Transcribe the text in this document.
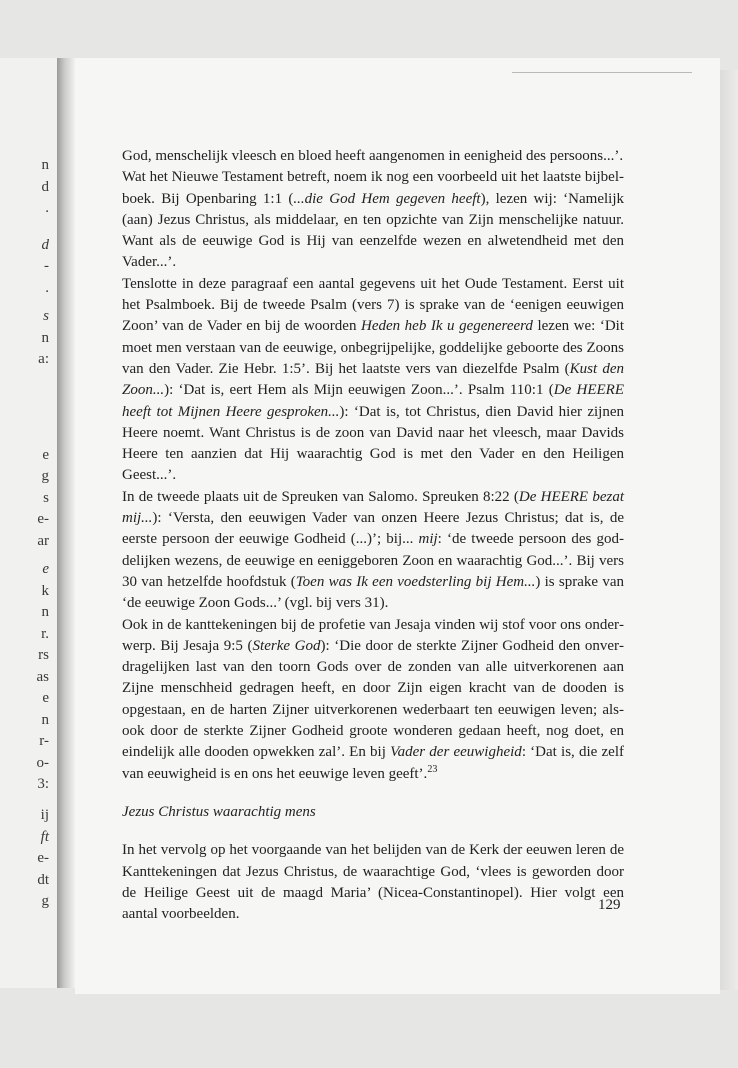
n
d
.
d
-
.
s
n
a:
e
g
s
e-
ar
e
k
n
r.
rs
as
e
n
r-
o-
3:
ij
ft
e-
dt
g

God, menschelijk vleesch en bloed heeft aangenomen in eenigheid des persoons...’.

Wat het Nieuwe Testament betreft, noem ik nog een voorbeeld uit het laatste bijbelboek. Bij Openbaring 1:1 (...die God Hem gegeven heeft), lezen wij: ‘Namelijk (aan) Jezus Christus, als middelaar, en ten opzichte van Zijn menschelijke natuur. Want als de eeuwige God is Hij van eenzelfde wezen en alwetendheid met den Vader...’.

Tenslotte in deze paragraaf een aantal gegevens uit het Oude Testament. Eerst uit het Psalmboek. Bij de tweede Psalm (vers 7) is sprake van de ‘eenigen eeuwigen Zoon’ van de Vader en bij de woorden Heden heb Ik u gegenereerd lezen we: ‘Dit moet men verstaan van de eeuwige, onbegrijpelijke, goddelijke geboorte des Zoons van den Vader. Zie Hebr. 1:5’. Bij het laatste vers van diezelfde Psalm (Kust den Zoon...): ‘Dat is, eert Hem als Mijn eeuwigen Zoon...’. Psalm 110:1 (De HEERE heeft tot Mijnen Heere gesproken...): ‘Dat is, tot Christus, dien David hier zijnen Heere noemt. Want Christus is de zoon van David naar het vleesch, maar Davids Heere ten aanzien dat Hij waarachtig God is met den Vader en den Heiligen Geest...’.

In de tweede plaats uit de Spreuken van Salomo. Spreuken 8:22 (De HEERE bezat mij...): ‘Versta, den eeuwigen Vader van onzen Heere Jezus Christus; dat is, de eerste persoon der eeuwige Godheid (...)’; bij... mij: ‘de tweede persoon des goddelijken wezens, de eeuwige en eeniggeboren Zoon en waarachtig God...’. Bij vers 30 van hetzelfde hoofdstuk (Toen was Ik een voedsterling bij Hem...) is sprake van ‘de eeuwige Zoon Gods...’ (vgl. bij vers 31).

Ook in de kanttekeningen bij de profetie van Jesaja vinden wij stof voor ons onderwerp. Bij Jesaja 9:5 (Sterke God): ‘Die door de sterkte Zijner Godheid den onverdragelijken last van den toorn Gods over de zonden van alle uitverkorenen aan Zijne menschheid gedragen heeft, en door Zijn eigen kracht van de dooden is opgestaan, en de harten Zijner uitverkorenen wederbaart ten eeuwigen leven; alsook door de sterkte Zijner Godheid groote wonderen gedaan heeft, nog doet, en eindelijk alle dooden opwekken zal’. En bij Vader der eeuwigheid: ‘Dat is, die zelf van eeuwigheid is en ons het eeuwige leven geeft’.$^{23}$

Jezus Christus waarachtig mens

In het vervolg op het voorgaande van het belijden van de Kerk der eeuwen leren de Kanttekeningen dat Jezus Christus, de waarachtige God, ‘vlees is geworden door de Heilige Geest uit de maagd Maria’ (Nicea-Constantinopel). Hier volgt een aantal voorbeelden.

129
